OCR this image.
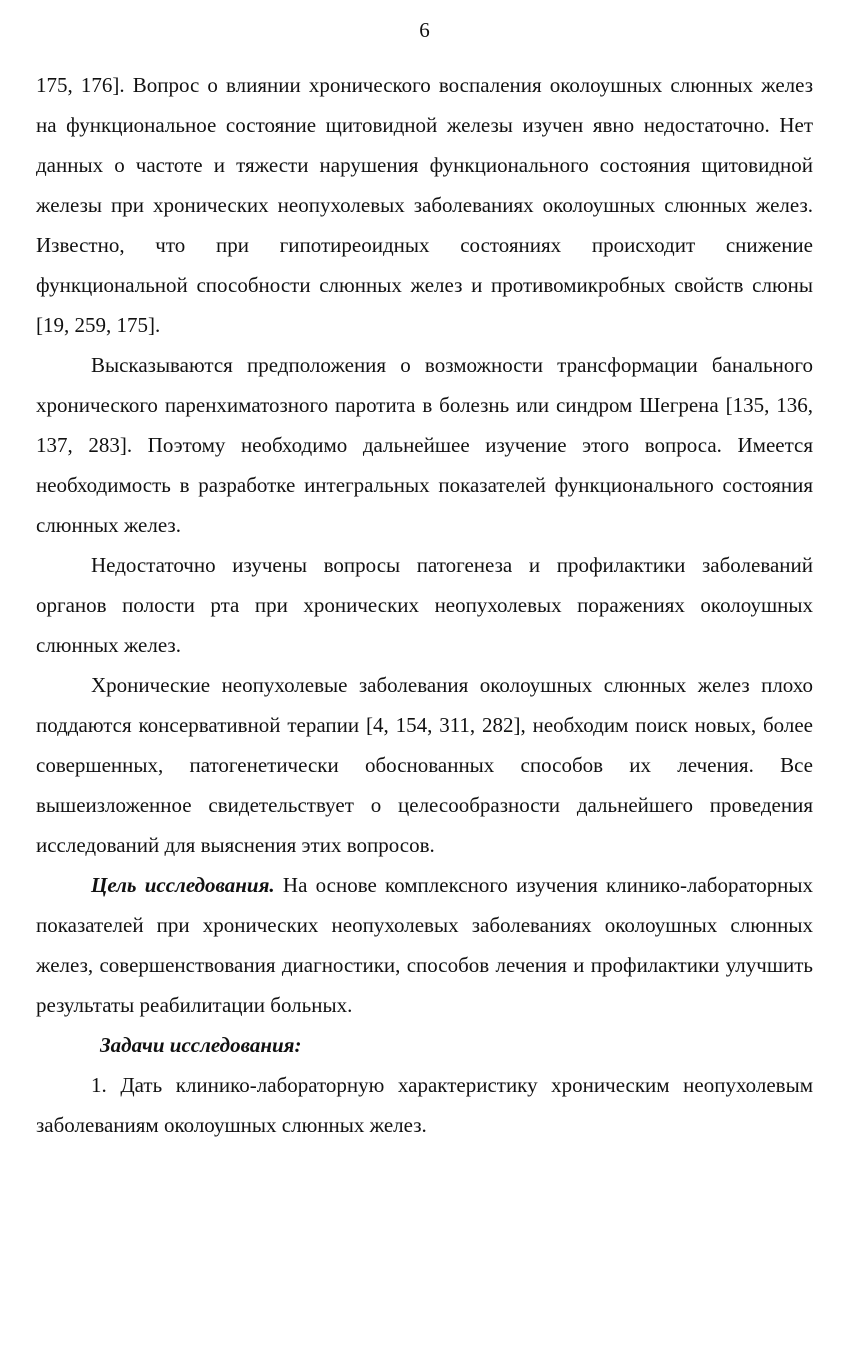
6

175, 176]. Вопрос о влиянии хронического воспаления околоушных слюнных желез на функциональное состояние щитовидной железы изучен явно недостаточно. Нет данных о частоте и тяжести нарушения функционального состояния щитовидной железы при хронических неопухолевых заболеваниях околоушных слюнных желез. Известно, что при гипотиреоидных состояниях происходит снижение функциональной способности слюнных желез и противомикробных свойств слюны [19, 259, 175].

Высказываются предположения о возможности трансформации банального хронического паренхиматозного паротита в болезнь или синдром Шегрена [135, 136, 137, 283]. Поэтому необходимо дальнейшее изучение этого вопроса. Имеется необходимость в разработке интегральных показателей функционального состояния слюнных желез.

Недостаточно изучены вопросы патогенеза и профилактики заболеваний органов полости рта при хронических неопухолевых поражениях околоушных слюнных желез.

Хронические неопухолевые заболевания околоушных слюнных желез плохо поддаются консервативной терапии [4, 154, 311, 282], необходим поиск новых, более совершенных, патогенетически обоснованных способов их лечения. Все вышеизложенное свидетельствует о целесообразности дальнейшего проведения исследований для выяснения этих вопросов.

Цель исследования. На основе комплексного изучения клинико-лабораторных показателей при хронических неопухолевых заболеваниях околоушных слюнных желез, совершенствования диагностики, способов лечения и профилактики улучшить результаты реабилитации больных.

Задачи исследования:

1. Дать клинико-лабораторную характеристику хроническим неопухолевым заболеваниям околоушных слюнных желез.
